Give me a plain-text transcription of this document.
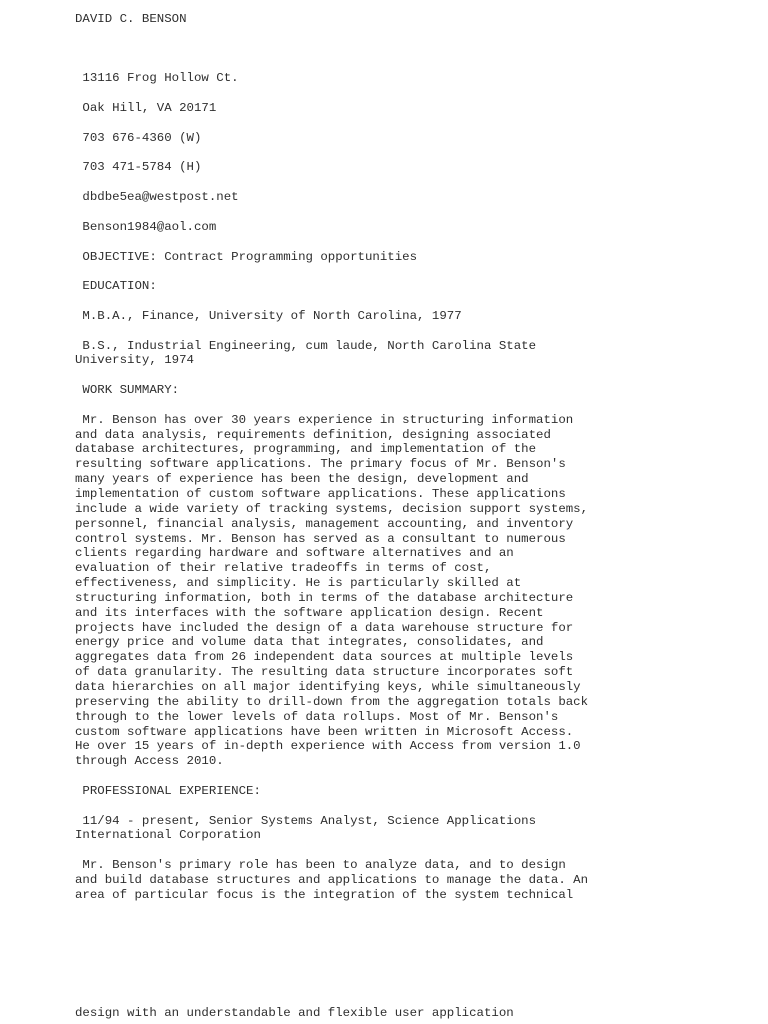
DAVID C. BENSON

13116 Frog Hollow Ct.

Oak Hill, VA 20171

703 676-4360 (W)

703 471-5784 (H)

dbdbe5ea@westpost.net

Benson1984@aol.com

OBJECTIVE: Contract Programming opportunities

EDUCATION:

M.B.A., Finance, University of North Carolina, 1977

B.S., Industrial Engineering, cum laude, North Carolina State
University, 1974

WORK SUMMARY:

Mr. Benson has over 30 years experience in structuring information
and data analysis, requirements definition, designing associated
database architectures, programming, and implementation of the
resulting software applications. The primary focus of Mr. Benson's
many years of experience has been the design, development and
implementation of custom software applications. These applications
include a wide variety of tracking systems, decision support systems,
personnel, financial analysis, management accounting, and inventory
control systems. Mr. Benson has served as a consultant to numerous
clients regarding hardware and software alternatives and an
evaluation of their relative tradeoffs in terms of cost,
effectiveness, and simplicity. He is particularly skilled at
structuring information, both in terms of the database architecture
and its interfaces with the software application design. Recent
projects have included the design of a data warehouse structure for
energy price and volume data that integrates, consolidates, and
aggregates data from 26 independent data sources at multiple levels
of data granularity. The resulting data structure incorporates soft
data hierarchies on all major identifying keys, while simultaneously
preserving the ability to drill-down from the aggregation totals back
through to the lower levels of data rollups. Most of Mr. Benson's
custom software applications have been written in Microsoft Access.
He over 15 years of in-depth experience with Access from version 1.0
through Access 2010.

PROFESSIONAL EXPERIENCE:

11/94 - present, Senior Systems Analyst, Science Applications
International Corporation

Mr. Benson's primary role has been to analyze data, and to design
and build database structures and applications to manage the data. An
area of particular focus is the integration of the system technical

design with an understandable and flexible user application
